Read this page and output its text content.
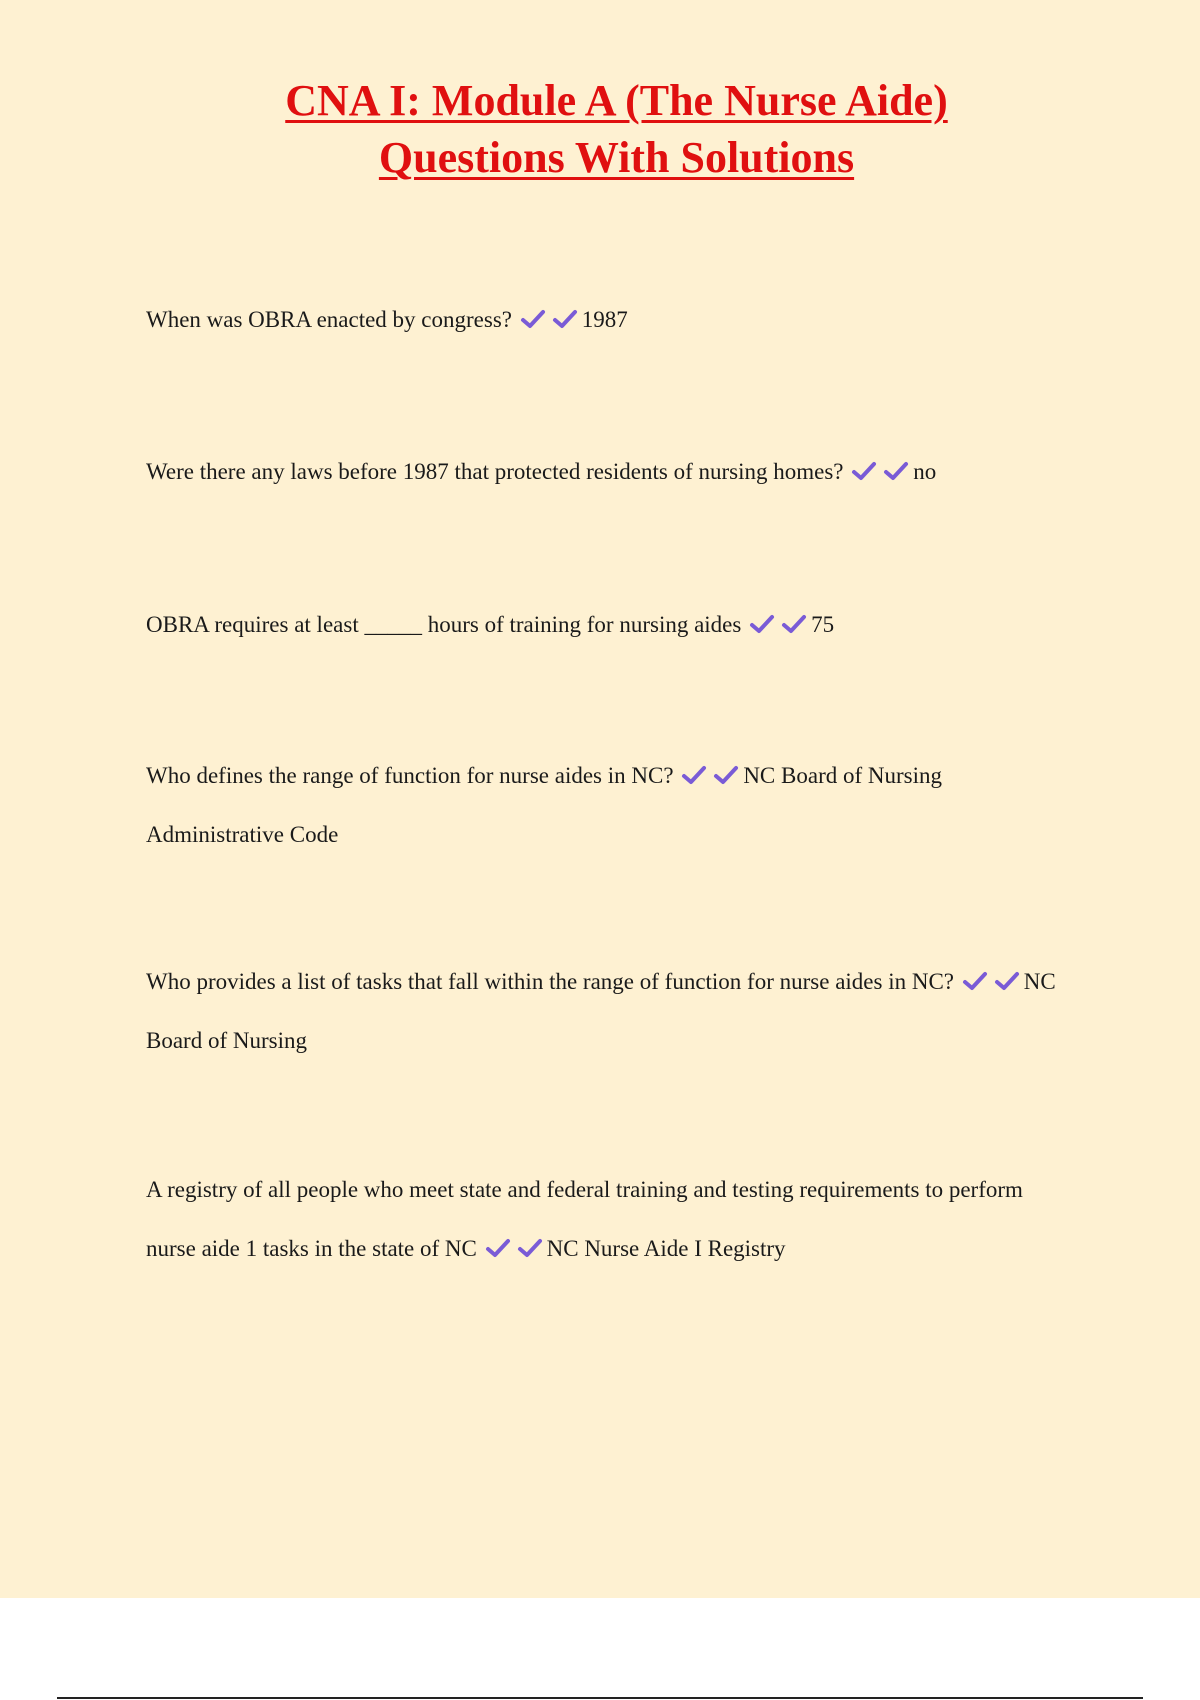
CNA I: Module A (The Nurse Aide)
Questions With Solutions

When was OBRA enacted by congress?	1987

Were there any laws before 1987 that protected residents of nursing homes?	no

OBRA requires at least _____ hours of training for nursing aides	75

Who defines the range of function for nurse aides in NC?	NC Board of Nursing Administrative Code

Who provides a list of tasks that fall within the range of function for nurse aides in NC?	NC Board of Nursing

A registry of all people who meet state and federal training and testing requirements to perform nurse aide 1 tasks in the state of NC	NC Nurse Aide I Registry
